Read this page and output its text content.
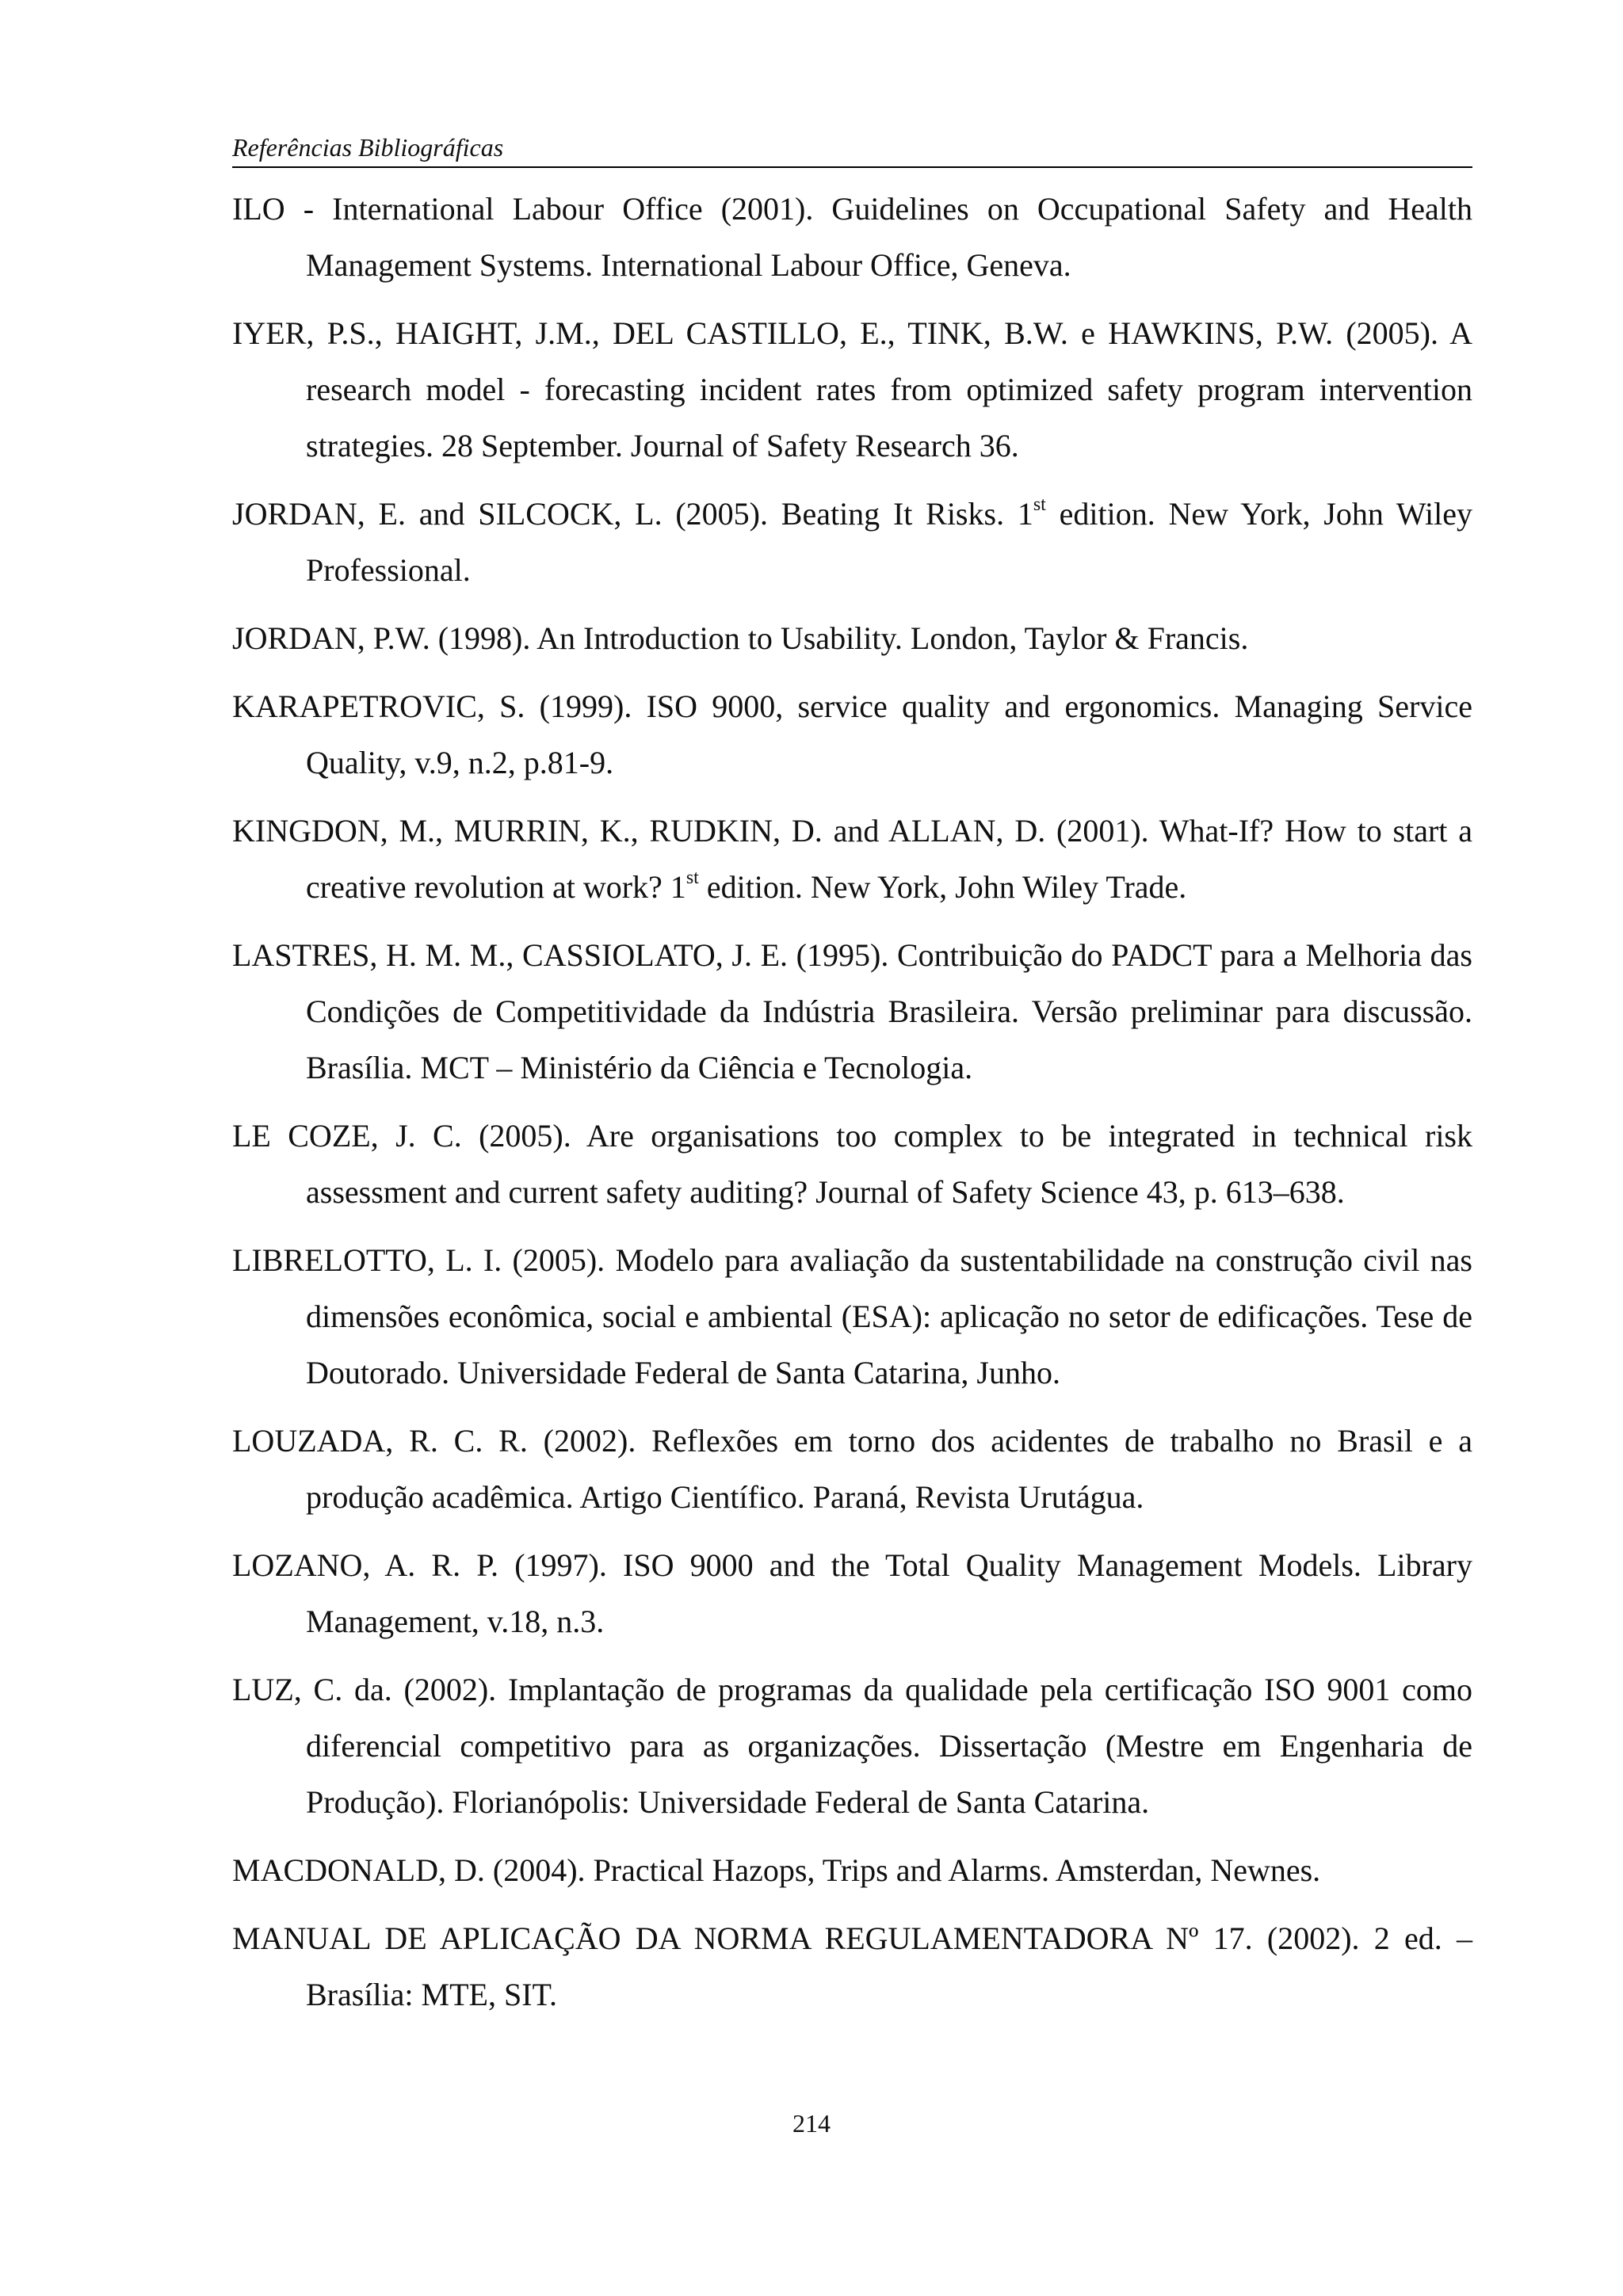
Referências Bibliográficas
ILO - International Labour Office (2001). Guidelines on Occupational Safety and Health Management Systems. International Labour Office, Geneva.
IYER, P.S., HAIGHT, J.M., DEL CASTILLO, E., TINK, B.W. e HAWKINS, P.W. (2005). A research model - forecasting incident rates from optimized safety program intervention strategies. 28 September. Journal of Safety Research 36.
JORDAN, E. and SILCOCK, L. (2005). Beating It Risks. 1st edition. New York, John Wiley Professional.
JORDAN, P.W. (1998). An Introduction to Usability. London, Taylor & Francis.
KARAPETROVIC, S. (1999). ISO 9000, service quality and ergonomics. Managing Service Quality, v.9, n.2, p.81-9.
KINGDON, M., MURRIN, K., RUDKIN, D. and ALLAN, D. (2001). What-If? How to start a creative revolution at work? 1st edition. New York, John Wiley Trade.
LASTRES, H. M. M., CASSIOLATO, J. E. (1995). Contribuição do PADCT para a Melhoria das Condições de Competitividade da Indústria Brasileira. Versão preliminar para discussão. Brasília. MCT – Ministério da Ciência e Tecnologia.
LE COZE, J. C. (2005). Are organisations too complex to be integrated in technical risk assessment and current safety auditing? Journal of Safety Science 43, p. 613–638.
LIBRELOTTO, L. I. (2005). Modelo para avaliação da sustentabilidade na construção civil nas dimensões econômica, social e ambiental (ESA): aplicação no setor de edificações. Tese de Doutorado. Universidade Federal de Santa Catarina, Junho.
LOUZADA, R. C. R. (2002). Reflexões em torno dos acidentes de trabalho no Brasil e a produção acadêmica. Artigo Científico. Paraná, Revista Urutágua.
LOZANO, A. R. P. (1997). ISO 9000 and the Total Quality Management Models. Library Management, v.18, n.3.
LUZ, C. da. (2002). Implantação de programas da qualidade pela certificação ISO 9001 como diferencial competitivo para as organizações. Dissertação (Mestre em Engenharia de Produção). Florianópolis: Universidade Federal de Santa Catarina.
MACDONALD, D. (2004). Practical Hazops, Trips and Alarms. Amsterdan, Newnes.
MANUAL DE APLICAÇÃO DA NORMA REGULAMENTADORA Nº 17. (2002). 2 ed. – Brasília: MTE, SIT.
214
